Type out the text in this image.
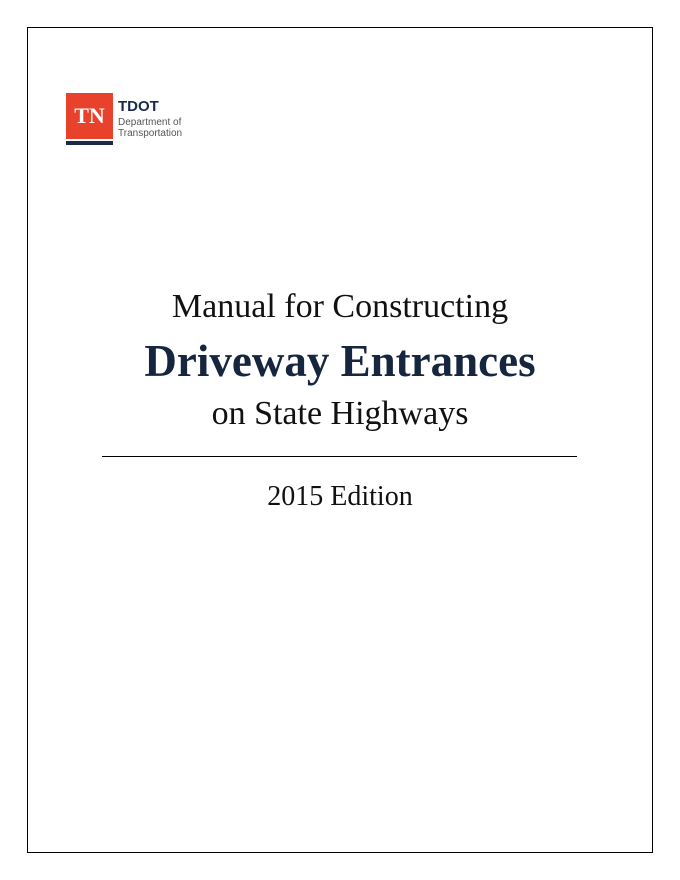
TN TDOT
Department of
Transportation
Manual for Constructing
Driveway Entrances
on State Highways
2015 Edition
